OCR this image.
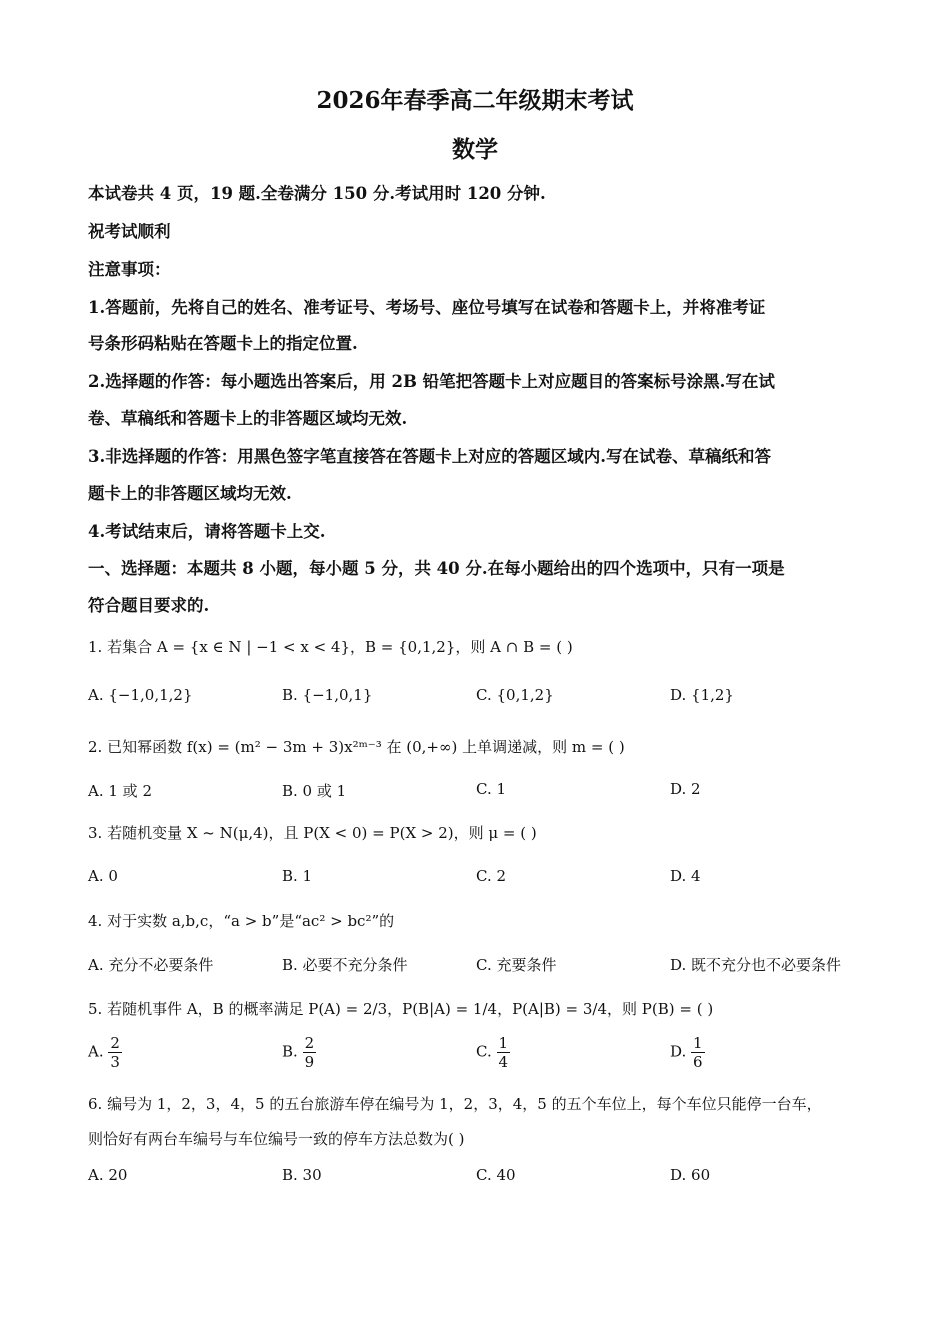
2026年春季高二年级期末考试
数学
本试卷共 4 页，19 题.全卷满分 150 分.考试用时 120 分钟.
祝考试顺利
注意事项：
1.答题前，先将自己的姓名、准考证号、考场号、座位号填写在试卷和答题卡上，并将准考证
号条形码粘贴在答题卡上的指定位置.
2.选择题的作答：每小题选出答案后，用 2B 铅笔把答题卡上对应题目的答案标号涂黑.写在试
卷、草稿纸和答题卡上的非答题区域均无效.
3.非选择题的作答：用黑色签字笔直接答在答题卡上对应的答题区域内.写在试卷、草稿纸和答
题卡上的非答题区域均无效.
4.考试结束后，请将答题卡上交.
一、选择题：本题共 8 小题，每小题 5 分，共 40 分.在每小题给出的四个选项中，只有一项是
符合题目要求的.
1. 若集合 A = {x ∈ N | −1 < x < 4}，B = {0,1,2}，则 A ∩ B = ( )
A. {−1,0,1,2}	B. {−1,0,1}	C. {0,1,2}	D. {1,2}
2. 已知幂函数 f(x) = (m² − 3m + 3)x²ᵐ⁻³ 在 (0,+∞) 上单调递减，则 m = ( )
A. 1 或 2	B. 0 或 1	C. 1	D. 2
3. 若随机变量 X ~ N(μ,4)，且 P(X < 0) = P(X > 2)，则 μ = ( )
A. 0	B. 1	C. 2	D. 4
4. 对于实数 a,b,c，“a > b”是“ac² > bc²”的
A. 充分不必要条件	B. 必要不充分条件	C. 充要条件	D. 既不充分也不必要条件
5. 若随机事件 A，B 的概率满足 P(A) = 2/3，P(B|A) = 1/4，P(A|B) = 3/4，则 P(B) = ( )
A. $\frac{2}{3}$	B. $\frac{2}{9}$	C. $\frac{1}{4}$	D. $\frac{1}{6}$
6. 编号为 1，2，3，4，5 的五台旅游车停在编号为 1，2，3，4，5 的五个车位上，每个车位只能停一台车，
则恰好有两台车编号与车位编号一致的停车方法总数为( )
A. 20	B. 30	C. 40	D. 60
